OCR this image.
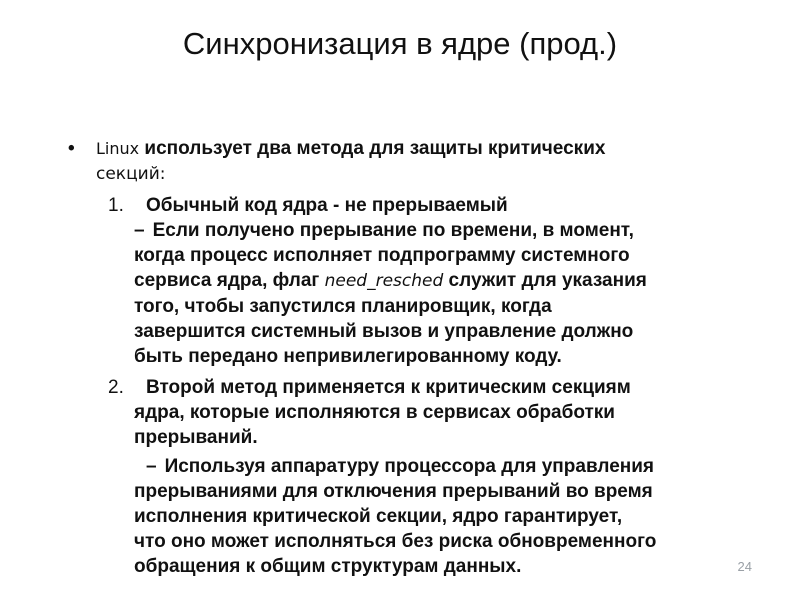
Синхронизация в ядре (прод.)
• Linux использует два метода для защиты критических
секций:
1.	Обычный код ядра - не прерываемый
– Если получено прерывание по времени, в момент,
когда процесс исполняет подпрограмму системного
сервиса ядра, флаг need_resched служит для указания
того, чтобы запустился планировщик, когда
завершится системный вызов и управление должно
быть передано непривилегированному коду.
2.	Второй метод применяется к критическим секциям
ядра, которые исполняются в сервисах обработки
прерываний.
– Используя аппаратуру процессора для управления
прерываниями для отключения прерываний во время
исполнения критической секции, ядро гарантирует,
что оно может исполняться без риска обновременного
обращения к общим структурам данных.	24
